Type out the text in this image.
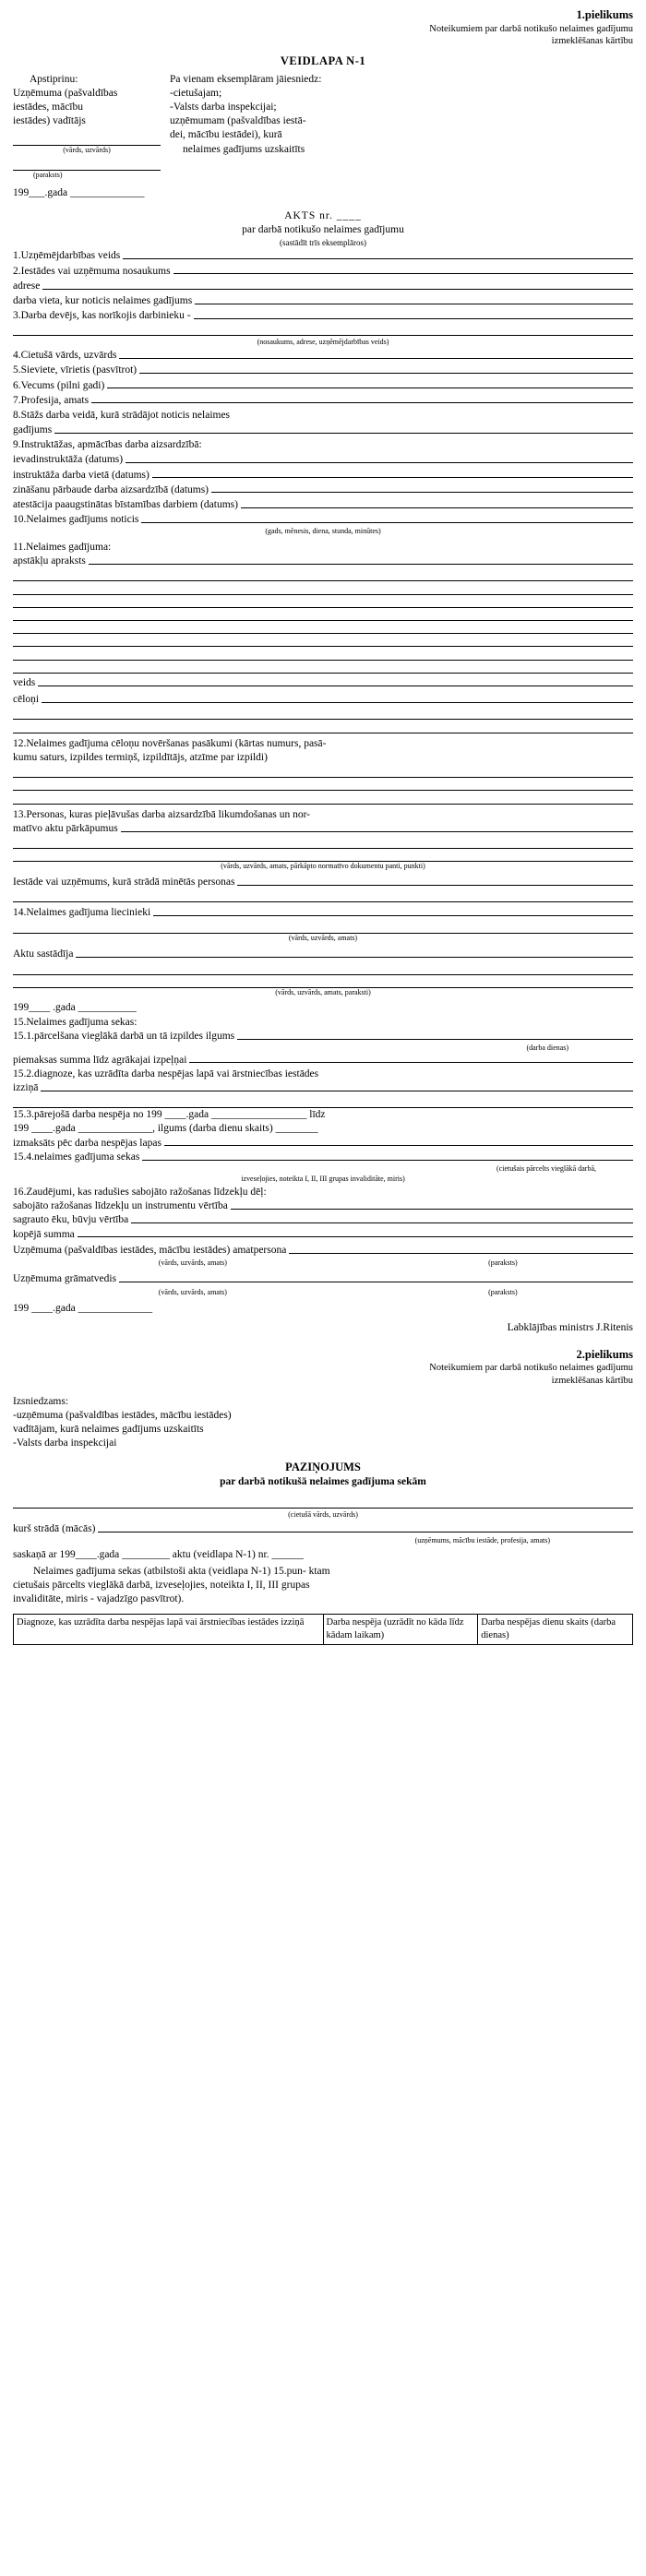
1.pielikums
Noteikumiem par darbā notikušo nelaimes gadījumu
izmeklēšanas kārtību
VEIDLAPA N-1
Apstiprinu:
Uzņēmuma (pašvaldības
iestādes, mācību
iestādes) vadītājs
(vārds, uzvārds)
(paraksts)
199___.gada ______________
Pa vienam eksemplāram jāiesniedz:
-cietušajam;
-Valsts darba inspekcijai;
uzņēmumam (pašvaldības iestā-
dei, mācību iestādei), kurā
nelaimes gadījums uzskaitīts
AKTS nr. ____
par darbā notikušo nelaimes gadījumu
(sastādīt trīs eksemplāros)
1.Uzņēmējdarbības veids
2.Iestādes vai uzņēmuma nosaukums
adrese
darba vieta, kur noticis nelaimes gadījums
3.Darba devējs, kas norīkojis darbinieku -
(nosaukums, adrese, uzņēmējdarbības veids)
4.Cietušā vārds, uzvārds
5.Sievietе, vīrietis (pasvītrot)
6.Vecums (pilni gadi)
7.Profesija, amats
8.Stāžs darba veidā, kurā strādājot noticis nelaimes
gadījums
9.Instruktāžas, apmācības darba aizsardzībā:
ievadinstruktāža (datums)
instruktāža darba vietā (datums)
zināšanu pārbaude darba aizsardzībā (datums)
atestācija paaugstinātas bīstamības darbiem (datums)
10.Nelaimes gadījums noticis
(gads, mēnesis, diena, stunda, minūtes)
11.Nelaimes gadījuma:
apstākļu apraksts
veids
cēloņi
12.Nelaimes gadījuma cēloņu novēršanas pasākumi (kārtas numurs, pasā-
kumu saturs, izpildes termiņš, izpildītājs, atzīme par izpildi)
13.Personas, kuras pieļāvušas darba aizsardzībā likumdošanas un nor-
matīvo aktu pārkāpumus
(vārds, uzvārds, amats, pārkāpto normatīvo dokumentu panti, punkti)
Iestāde vai uzņēmums, kurā strādā minētās personas
14.Nelaimes gadījuma liecinieki
(vārds, uzvārds, amats)
Aktu sastādīja
(vārds, uzvārds, amats, paraksti)
199____ .gada ___________
15.Nelaimes gadījuma sekas:
15.1.pārcelšana vieglākā darbā un tā izpildes ilgums
(darba dienas)
piemaksas summa līdz agrākajai izpeļņai
15.2.diagnoze, kas uzrādīta darba nespējas lapā vai ārstniecības iestādes
izziņā
15.3.pārejošā darba nespēja no 199 ____.gada __________________ līdz
199 ____.gada ______________, ilgums (darba dienu skaits) ________
izmaksāts pēc darba nespējas lapas
15.4.nelaimes gadījuma sekas
(cietušais pārcelts vieglākā darbā,
izveseļojies, noteikta I, II, III grupas invaliditāte, miris)
16.Zaudējumi, kas radušies sabojāto ražošanas līdzekļu dēļ:
sabojāto ražošanas līdzekļu un instrumentu vērtība
sagrauto ēku, būvju vērtība
kopējā summa
Uzņēmuma (pašvaldības iestādes, mācību iestādes) amatpersona
(vārds, uzvārds, amats)	(paraksts)
Uzņēmuma grāmatvedis
(vārds, uzvārds, amats)	(paraksts)
199 ____.gada ______________
Labklājības ministrs J.Ritenis
2.pielikums
Noteikumiem par darbā notikušo nelaimes gadījumu
izmeklēšanas kārtību
Izsniedzams:
-uzņēmuma (pašvaldības iestādes, mācību iestādes)
vadītājam, kurā nelaimes gadījums uzskaitīts
-Valsts darba inspekcijai
PAZIŅOJUMS
par darbā notikušā nelaimes gadījuma sekām
(cietušā vārds, uzvārds)
kurš strādā (mācās)
(uzņēmums, mācību iestāde, profesija, amats)
saskaņā ar 199____.gada _________ aktu (veidlapa N-1) nr. ______
Nelaimes gadījuma sekas (atbilstoši akta (veidlapa N-1) 15.pun- ktam
cietušais pārcelts vieglākā darbā, izveseļojies, noteikta I, II, III grupas
invaliditāte, miris - vajadzīgo pasvītrot).
Diagnoze, kas uzrādīta darba nespējas lapā vai ārstniecības iestādes izziņā	Darba nespēja (uzrādīt no kāda līdz kādam laikam)	Darba nespējas dienu skaits (darba dienas)
